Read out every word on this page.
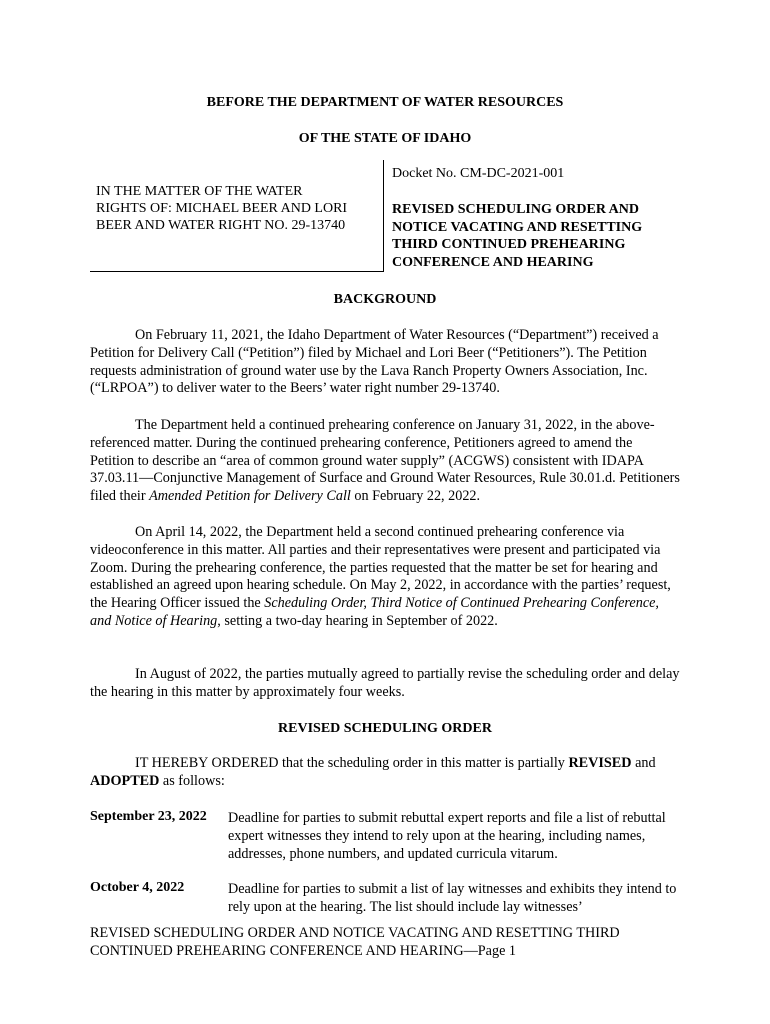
BEFORE THE DEPARTMENT OF WATER RESOURCES
OF THE STATE OF IDAHO
IN THE MATTER OF THE WATER
RIGHTS OF: MICHAEL BEER AND LORI
BEER AND WATER RIGHT NO. 29-13740
Docket No. CM-DC-2021-001
REVISED SCHEDULING ORDER AND
NOTICE VACATING AND RESETTING
THIRD CONTINUED PREHEARING
CONFERENCE AND HEARING
BACKGROUND

On February 11, 2021, the Idaho Department of Water Resources (“Department”) received a Petition for Delivery Call (“Petition”) filed by Michael and Lori Beer (“Petitioners”). The Petition requests administration of ground water use by the Lava Ranch Property Owners Association, Inc. (“LRPOA”) to deliver water to the Beers’ water right number 29-13740.

The Department held a continued prehearing conference on January 31, 2022, in the above-referenced matter. During the continued prehearing conference, Petitioners agreed to amend the Petition to describe an “area of common ground water supply” (ACGWS) consistent with IDAPA 37.03.11—Conjunctive Management of Surface and Ground Water Resources, Rule 30.01.d. Petitioners filed their Amended Petition for Delivery Call on February 22, 2022.

On April 14, 2022, the Department held a second continued prehearing conference via videoconference in this matter. All parties and their representatives were present and participated via Zoom. During the prehearing conference, the parties requested that the matter be set for hearing and established an agreed upon hearing schedule. On May 2, 2022, in accordance with the parties’ request, the Hearing Officer issued the Scheduling Order, Third Notice of Continued Prehearing Conference, and Notice of Hearing, setting a two-day hearing in September of 2022.

In August of 2022, the parties mutually agreed to partially revise the scheduling order and delay the hearing in this matter by approximately four weeks.

REVISED SCHEDULING ORDER

IT HEREBY ORDERED that the scheduling order in this matter is partially REVISED and ADOPTED as follows:

September 23, 2022 Deadline for parties to submit rebuttal expert reports and file a list of rebuttal expert witnesses they intend to rely upon at the hearing, including names, addresses, phone numbers, and updated curricula vitarum.
October 4, 2022	Deadline for parties to submit a list of lay witnesses and exhibits they intend to rely upon at the hearing. The list should include lay witnesses’
REVISED SCHEDULING ORDER AND NOTICE VACATING AND RESETTING THIRD
CONTINUED PREHEARING CONFERENCE AND HEARING—Page 1
